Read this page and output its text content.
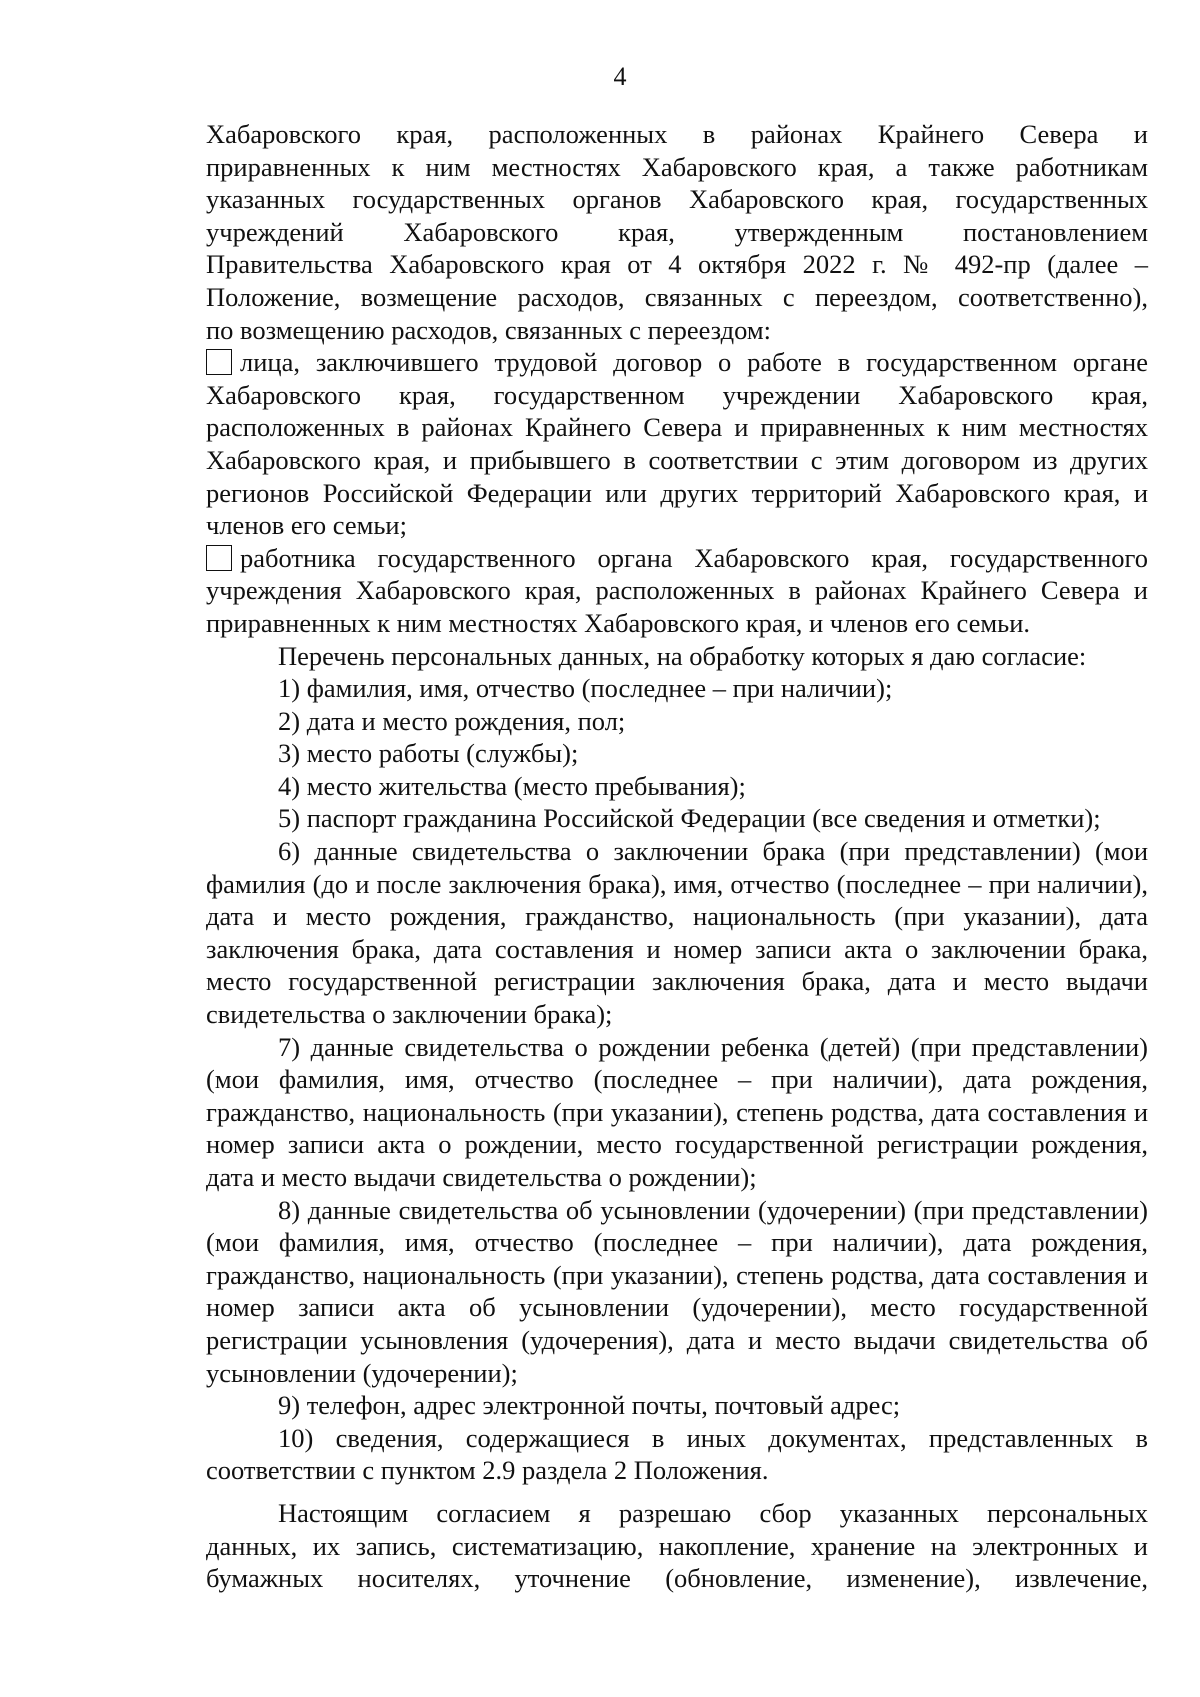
4

Хабаровского края, расположенных в районах Крайнего Севера и

приравненных к ним местностях Хабаровского края, а также работникам

указанных государственных органов Хабаровского края, государственных

учреждений Хабаровского края, утвержденным постановлением

Правительства Хабаровского края от 4 октября 2022 г. № 492-пр (далее –

Положение, возмещение расходов, связанных с переездом, соответственно),

по возмещению расходов, связанных с переездом:

лица, заключившего трудовой договор о работе в государственном органе Хабаровского края, государственном учреждении Хабаровского края, расположенных в районах Крайнего Севера и приравненных к ним местностях Хабаровского края, и прибывшего в соответствии с этим договором из других регионов Российской Федерации или других территорий Хабаровского края, и членов его семьи;

работника государственного органа Хабаровского края, государственного учреждения Хабаровского края, расположенных в районах Крайнего Севера и приравненных к ним местностях Хабаровского края, и членов его семьи.

Перечень персональных данных, на обработку которых я даю согласие:

1) фамилия, имя, отчество (последнее – при наличии);

2) дата и место рождения, пол;

3) место работы (службы);

4) место жительства (место пребывания);

5) паспорт гражданина Российской Федерации (все сведения и отметки);

6) данные свидетельства о заключении брака (при представлении) (мои фамилия (до и после заключения брака), имя, отчество (последнее – при наличии), дата и место рождения, гражданство, национальность (при указании), дата заключения брака, дата составления и номер записи акта о заключении брака, место государственной регистрации заключения брака, дата и место выдачи свидетельства о заключении брака);

7) данные свидетельства о рождении ребенка (детей) (при представлении) (мои фамилия, имя, отчество (последнее – при наличии), дата рождения, гражданство, национальность (при указании), степень родства, дата составления и номер записи акта о рождении, место государственной регистрации рождения, дата и место выдачи свидетельства о рождении);

8) данные свидетельства об усыновлении (удочерении) (при представлении) (мои фамилия, имя, отчество (последнее – при наличии), дата рождения, гражданство, национальность (при указании), степень родства, дата составления и номер записи акта об усыновлении (удочерении), место государственной регистрации усыновления (удочерения), дата и место выдачи свидетельства об усыновлении (удочерении);

9) телефон, адрес электронной почты, почтовый адрес;

10) сведения, содержащиеся в иных документах, представленных в соответствии с пунктом 2.9 раздела 2 Положения.

Настоящим согласием я разрешаю сбор указанных персональных

данных, их запись, систематизацию, накопление, хранение на электронных и

бумажных носителях, уточнение (обновление, изменение), извлечение,
